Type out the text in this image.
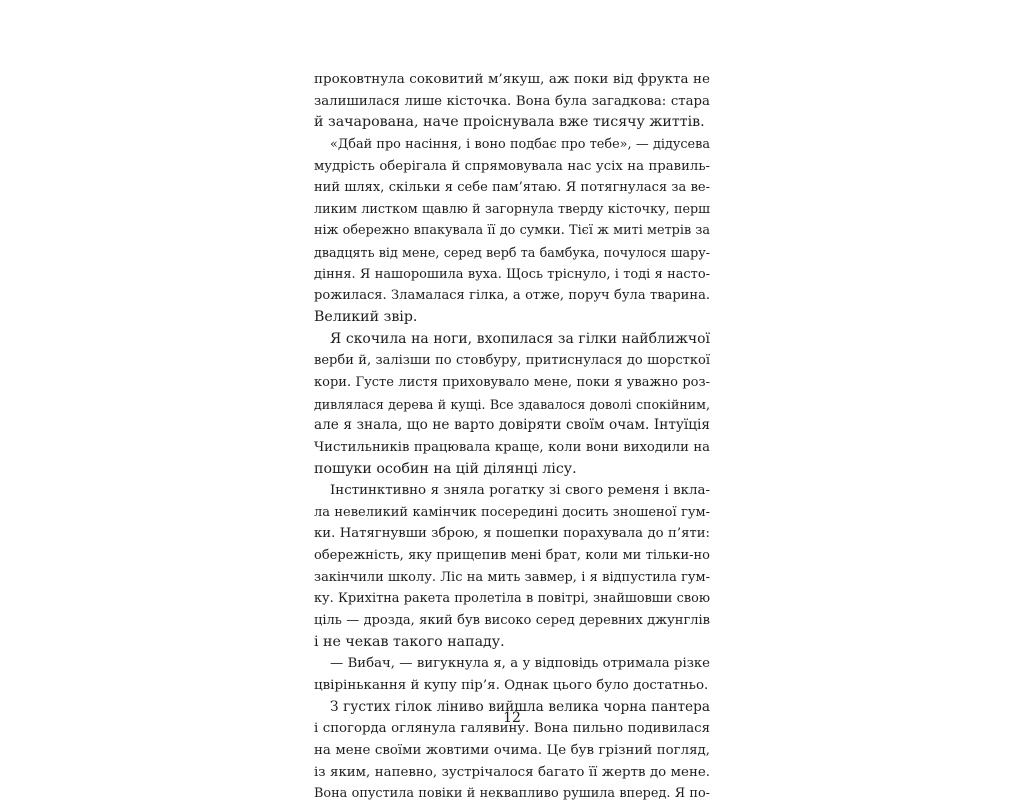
проковтнула соковитий м’якуш, аж поки від фрукта не
залишилася лише кісточка. Вона була загадкова: стара
й зачарована, наче проіснувала вже тисячу життів.
«Дбай про насіння, і воно подбає про тебе», — дідусева
мудрість оберігала й спрямовувала нас усіх на правиль-
ний шлях, скільки я себе пам’ятаю. Я потягнулася за ве-
ликим листком щавлю й загорнула тверду кісточку, перш
ніж обережно впакувала її до сумки. Тієї ж миті метрів за
двадцять від мене, серед верб та бамбука, почулося шару-
діння. Я нашорошила вуха. Щось тріснуло, і тоді я насто-
рожилася. Зламалася гілка, а отже, поруч була тварина.
Великий звір.
Я скочила на ноги, вхопилася за гілки найближчої
верби й, залізши по стовбуру, притиснулася до шорсткої
кори. Густе листя приховувало мене, поки я уважно роз-
дивлялася дерева й кущі. Все здавалося доволі спокійним,
але я знала, що не варто довіряти своїм очам. Інтуїція
Чистильників працювала краще, коли вони виходили на
пошуки особин на цій ділянці лісу.
Інстинктивно я зняла рогатку зі свого ременя і вкла-
ла невеликий камінчик посередині досить зношеної гум-
ки. Натягнувши зброю, я пошепки порахувала до п’яти:
обережність, яку прищепив мені брат, коли ми тільки-но
закінчили школу. Ліс на мить завмер, і я відпустила гум-
ку. Крихітна ракета пролетіла в повітрі, знайшовши свою
ціль — дрозда, який був високо серед деревних джунглів
і не чекав такого нападу.
— Вибач, — вигукнула я, а у відповідь отримала різке
цвірінькання й купу пір’я. Однак цього було достатньо.
З густих гілок ліниво вийшла велика чорна пантера
і спогорда оглянула галявину. Вона пильно подивилася
на мене своїми жовтими очима. Це був грізний погляд,
із яким, напевно, зустрічалося багато її жертв до мене.
Вона опустила повіки й неквапливо рушила вперед. Я по-
12
